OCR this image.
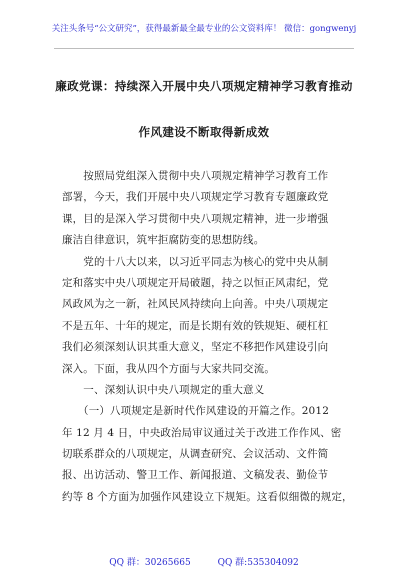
关注头条号“公文研究”，获得最新最全最专业的公文资料库！ 微信：gongwenyj
廉政党课：持续深入开展中央八项规定精神学习教育推动
作风建设不断取得新成效
　　按照局党组深入贯彻中央八项规定精神学习教育工作
部署，今天，我们开展中央八项规定学习教育专题廉政党
课，目的是深入学习贯彻中央八项规定精神，进一步增强
廉洁自律意识，筑牢拒腐防变的思想防线。
　　党的十八大以来，以习近平同志为核心的党中央从制
定和落实中央八项规定开局破题，持之以恒正风肃纪，党
风政风为之一新，社风民风持续向上向善。中央八项规定
不是五年、十年的规定，而是长期有效的铁规矩、硬杠杠
我们必须深刻认识其重大意义，坚定不移把作风建设引向
深入。下面，我从四个方面与大家共同交流。
　　一、深刻认识中央八项规定的重大意义
　　（一）八项规定是新时代作风建设的开篇之作。2012
年 12 月 4 日，中央政治局审议通过关于改进工作作风、密
切联系群众的八项规定，从调查研究、会议活动、文件简
报、出访活动、警卫工作、新闻报道、文稿发表、勤俭节
约等 8 个方面为加强作风建设立下规矩。这看似细微的规定，
QQ 群：30265665	QQ 群:535304092
